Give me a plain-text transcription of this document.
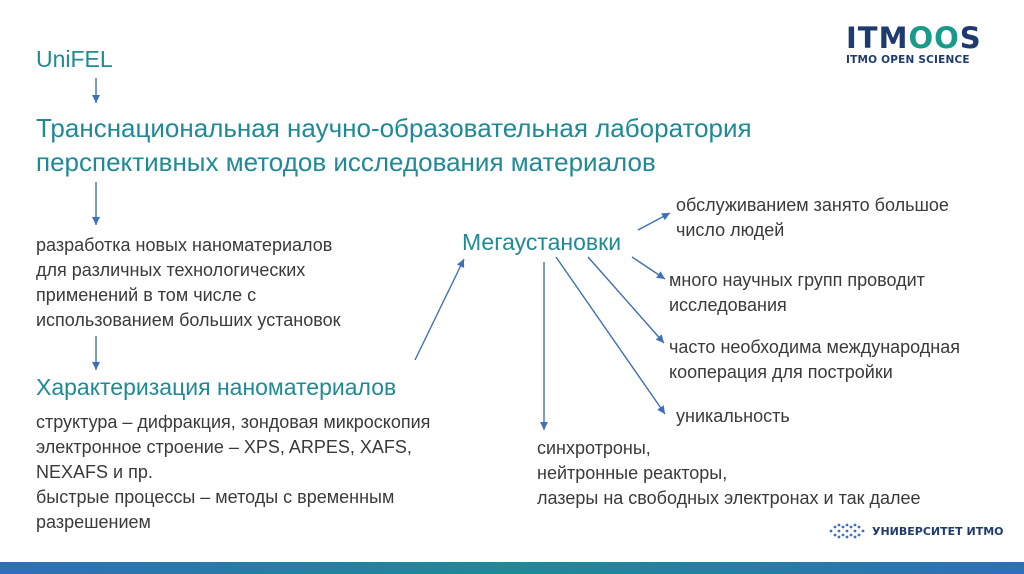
ITMOOS
ITMO OPEN SCIENCE
UniFEL
Транснациональная научно-образовательная лаборатория
перспективных методов исследования материалов
разработка новых наноматериалов
для различных технологических
применений в том числе с
использованием больших установок
Характеризация наноматериалов
структура – дифракция, зондовая микроскопия
электронное строение – XPS, ARPES, XAFS,
NEXAFS и пр.
быстрые процессы – методы с временным
разрешением
Мегаустановки
обслуживанием занято большое
число людей
много научных групп проводит
исследования
часто необходима международная
кооперация для постройки
уникальность
синхротроны,
нейтронные реакторы,
лазеры на свободных электронах и так далее
УНИВЕРСИТЕТ ИТМО
